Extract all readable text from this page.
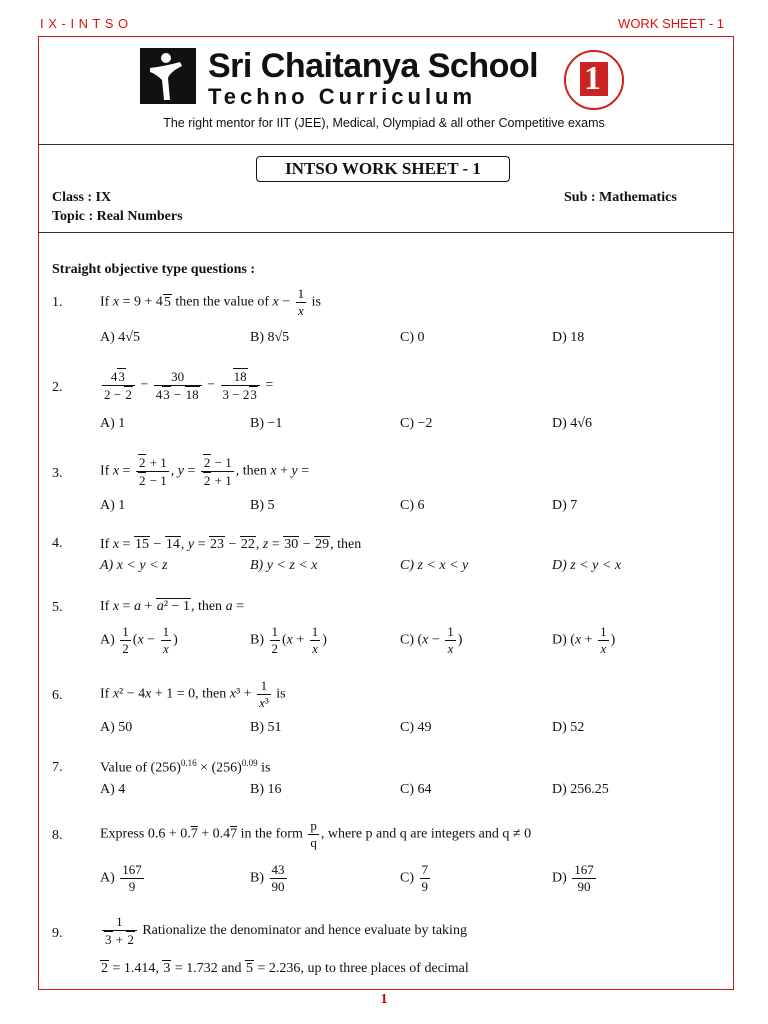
I X - I N T S O	WORK SHEET - 1
Sri Chaitanya School
Techno Curriculum	1
The right mentor for IIT (JEE), Medical, Olympiad & all other Competitive exams
INTSO WORK SHEET - 1
Class : IX
Topic : Real Numbers
Sub : Mathematics
Straight objective type questions :
1.	If x = 9 + 45 then the value of $x - \frac{1}{x}$ is
A) 4√5	B) 8√5	C) 0	D) 18
2.	$\frac{43}{2 - 2} - \frac{30}{43 - 18} - \frac{18}{3 - 23}$ =
A) 1	B) −1	C) −2	D) 4√6
3.	If $x = \frac{2 + 1}{2 - 1}$ , $y = \frac{2 - 1}{2 + 1}$ , then x + y =
A) 1	B) 5	C) 6	D) 7
4.	If x = 15 − 14, y = 23 − 22, z = 30 − 29, then
A) x < y < z	B) y < z < x	C) z < x < y	D) z < y < x
5.	If x = a + a² − 1, then a =
$A) \frac{1}{2} (x - \frac{1}{x}$ )	$B) \frac{1}{2} (x + \frac{1}{x}$ )	C) ($x - \frac{1}{x}$ )	D) ($x + \frac{1}{x}$ )
6.	If x² − 4x + 1 = 0, then $x^3 + \frac{1}{\text{x³}}$ is
A) 50	B) 51	C) 49	D) 52
7.	Value of $(256)^{0.16} \times (256)^{0.09}$ is
A) 4	B) 16	C) 64	D) 256.25
8.	Express 0.6 + 0.7 + 0.47 in the form $\frac{p}{q}$ , where p and q are integers and q ≠ 0
$A) \frac{167}{9}$	$B) \frac{43}{90}$	$C) \frac{7}{9}$	$D) \frac{167}{90}$
9.	$\frac{1}{3 + 2}$ Rationalize the denominator and hence evaluate by taking
2 = 1.414, 3 = 1.732 and 5 = 2.236, up to three places of decimal
1
